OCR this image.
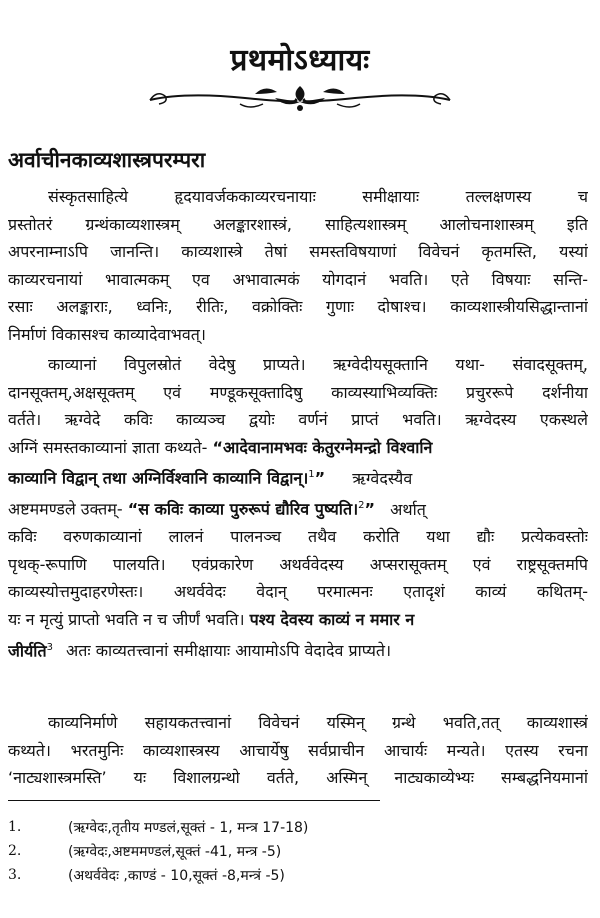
प्रथमोऽध्यायः
अर्वाचीनकाव्यशास्त्रपरम्परा
संस्कृतसाहित्ये हृदयावर्जककाव्यरचनायाः समीक्षायाः तल्लक्षणस्य च
प्रस्तोतरं ग्रन्थंकाव्यशास्त्रम् अलङ्कारशास्त्रं, साहित्यशास्त्रम् आलोचनाशास्त्रम् इति
अपरनाम्नाऽपि जानन्ति। काव्यशास्त्रे तेषां समस्तविषयाणां विवेचनं कृतमस्ति, यस्यां
काव्यरचनायां भावात्मकम् एव अभावात्मकं योगदानं भवति। एते विषयाः सन्ति-
रसाः अलङ्काराः, ध्वनिः, रीतिः, वक्रोक्तिः गुणाः दोषाश्च। काव्यशास्त्रीयसिद्धान्तानां
निर्माणं विकासश्च काव्यादेवाभवत्।
काव्यानां विपुलस्रोतं वेदेषु प्राप्यते। ऋग्वेदीयसूक्तानि यथा- संवादसूक्तम्,
दानसूक्तम्,अक्षसूक्तम् एवं मण्डूकसूक्तादिषु काव्यस्याभिव्यक्तिः प्रचुररूपे दर्शनीया
वर्तते। ऋग्वेदे कविः काव्यञ्च द्वयोः वर्णनं प्राप्तं भवति। ऋग्वेदस्य एकस्थले
अग्निं समस्तकाव्यानां ज्ञाता कथ्यते- “आदेवानामभवः केतुरग्नेमन्द्रो विश्वानि
काव्यानि विद्वान् तथा अग्निर्विश्वानि काव्यानि विद्वान्।$^1$” ऋग्वेदस्यैव
अष्टममण्डले उक्तम्- “स कविः काव्या पुरुरूपं द्यौरिव पुष्यति।$^2$” अर्थात्
कविः वरुणकाव्यानां लालनं पालनञ्च तथैव करोति यथा द्यौः प्रत्येकवस्तोः
पृथक्-रूपाणि पालयति। एवंप्रकारेण अथर्ववेदस्य अप्सरासूक्तम् एवं राष्ट्रसूक्तमपि
काव्यस्योत्तमुदाहरणेस्तः। अथर्ववेदः वेदान् परमात्मनः एतादृशं काव्यं कथितम्-
यः न मृत्युं प्राप्तो भवति न च जीर्णं भवति। पश्य देवस्य काव्यं न ममार न
जीर्यति$^3$ अतः काव्यतत्त्वानां समीक्षायाः आयामोऽपि वेदादेव प्राप्यते।
काव्यनिर्माणे सहायकतत्त्वानां विवेचनं यस्मिन् ग्रन्थे भवति,तत् काव्यशास्त्रं
कथ्यते। भरतमुनिः काव्यशास्त्रस्य आचार्येषु सर्वप्राचीन आचार्यः मन्यते। एतस्य रचना
‘नाट्यशास्त्रमस्ति’ यः विशालग्रन्थो वर्तते, अस्मिन् नाट्यकाव्येभ्यः सम्बद्धनियमानां
1.	(ऋग्वेदः,तृतीय मण्डलं,सूक्तं - 1, मन्त्र 17-18)
2.	(ऋग्वेदः,अष्टममण्डलं,सूक्तं -41, मन्त्र -5)
3.	(अथर्ववेदः ,काण्डं - 10,सूक्तं -8,मन्त्रं -5)
